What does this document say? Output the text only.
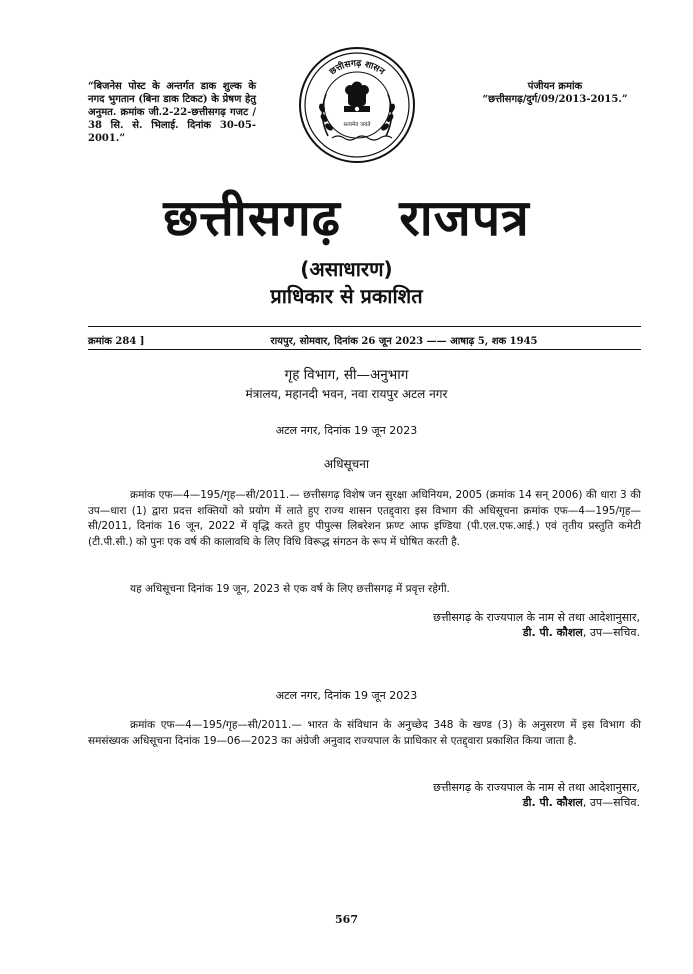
“बिजनेस पोस्ट के अन्तर्गत डाक शुल्क के नगद भुगतान (बिना डाक टिकट) के प्रेषण हेतु अनुमत. क्रमांक जी.2-22-छत्तीसगढ़ गजट / 38 सि. से. भिलाई. दिनांक 30-05-2001.”
पंजीयन क्रमांक
“छत्तीसगढ़/दुर्ग/09/2013-2015.”
छत्तीसगढ़ शासन
सत्यमेव जयते
छत्तीसगढ़ राजपत्र
(असाधारण)
प्राधिकार से प्रकाशित
क्रमांक 284 ]	रायपुर, सोमवार, दिनांक 26 जून 2023 —— आषाढ़ 5, शक 1945
गृह विभाग, सी—अनुभाग
मंत्रालय, महानदी भवन, नवा रायपुर अटल नगर
अटल नगर, दिनांक 19 जून 2023
अधिसूचना
क्रमांक एफ—4—195/गृह—सी/2011.— छत्तीसगढ़ विशेष जन सुरक्षा अधिनियम, 2005 (क्रमांक 14 सन् 2006) की धारा 3 की उप—धारा (1) द्वारा प्रदत्त शक्तियों को प्रयोग में लाते हुए राज्य शासन एतद्द्वारा इस विभाग की अधिसूचना क्रमांक एफ—4—195/गृह—सी/2011, दिनांक 16 जून, 2022 में वृद्धि करते हुए पीपुल्स लिबरेशन फ्रण्ट आफ इण्डिया (पी.एल.एफ.आई.) एवं तृतीय प्रस्तुति कमेटी (टी.पी.सी.) को पुनः एक वर्ष की कालावधि के लिए विधि विरूद्ध संगठन के रूप में घोषित करती है.
यह अधिसूचना दिनांक 19 जून, 2023 से एक वर्ष के लिए छत्तीसगढ़ में प्रवृत्त रहेगी.
छत्तीसगढ़ के राज्यपाल के नाम से तथा आदेशानुसार,
डी. पी. कौशल, उप—सचिव.
अटल नगर, दिनांक 19 जून 2023
क्रमांक एफ—4—195/गृह—सी/2011.— भारत के संविधान के अनुच्छेद 348 के खण्ड (3) के अनुसरण में इस विभाग की समसंख्यक अधिसूचना दिनांक 19—06—2023 का अंग्रेजी अनुवाद राज्यपाल के प्राधिकार से एतद्द्वारा प्रकाशित किया जाता है.
छत्तीसगढ़ के राज्यपाल के नाम से तथा आदेशानुसार,
डी. पी. कौशल, उप—सचिव.
567
